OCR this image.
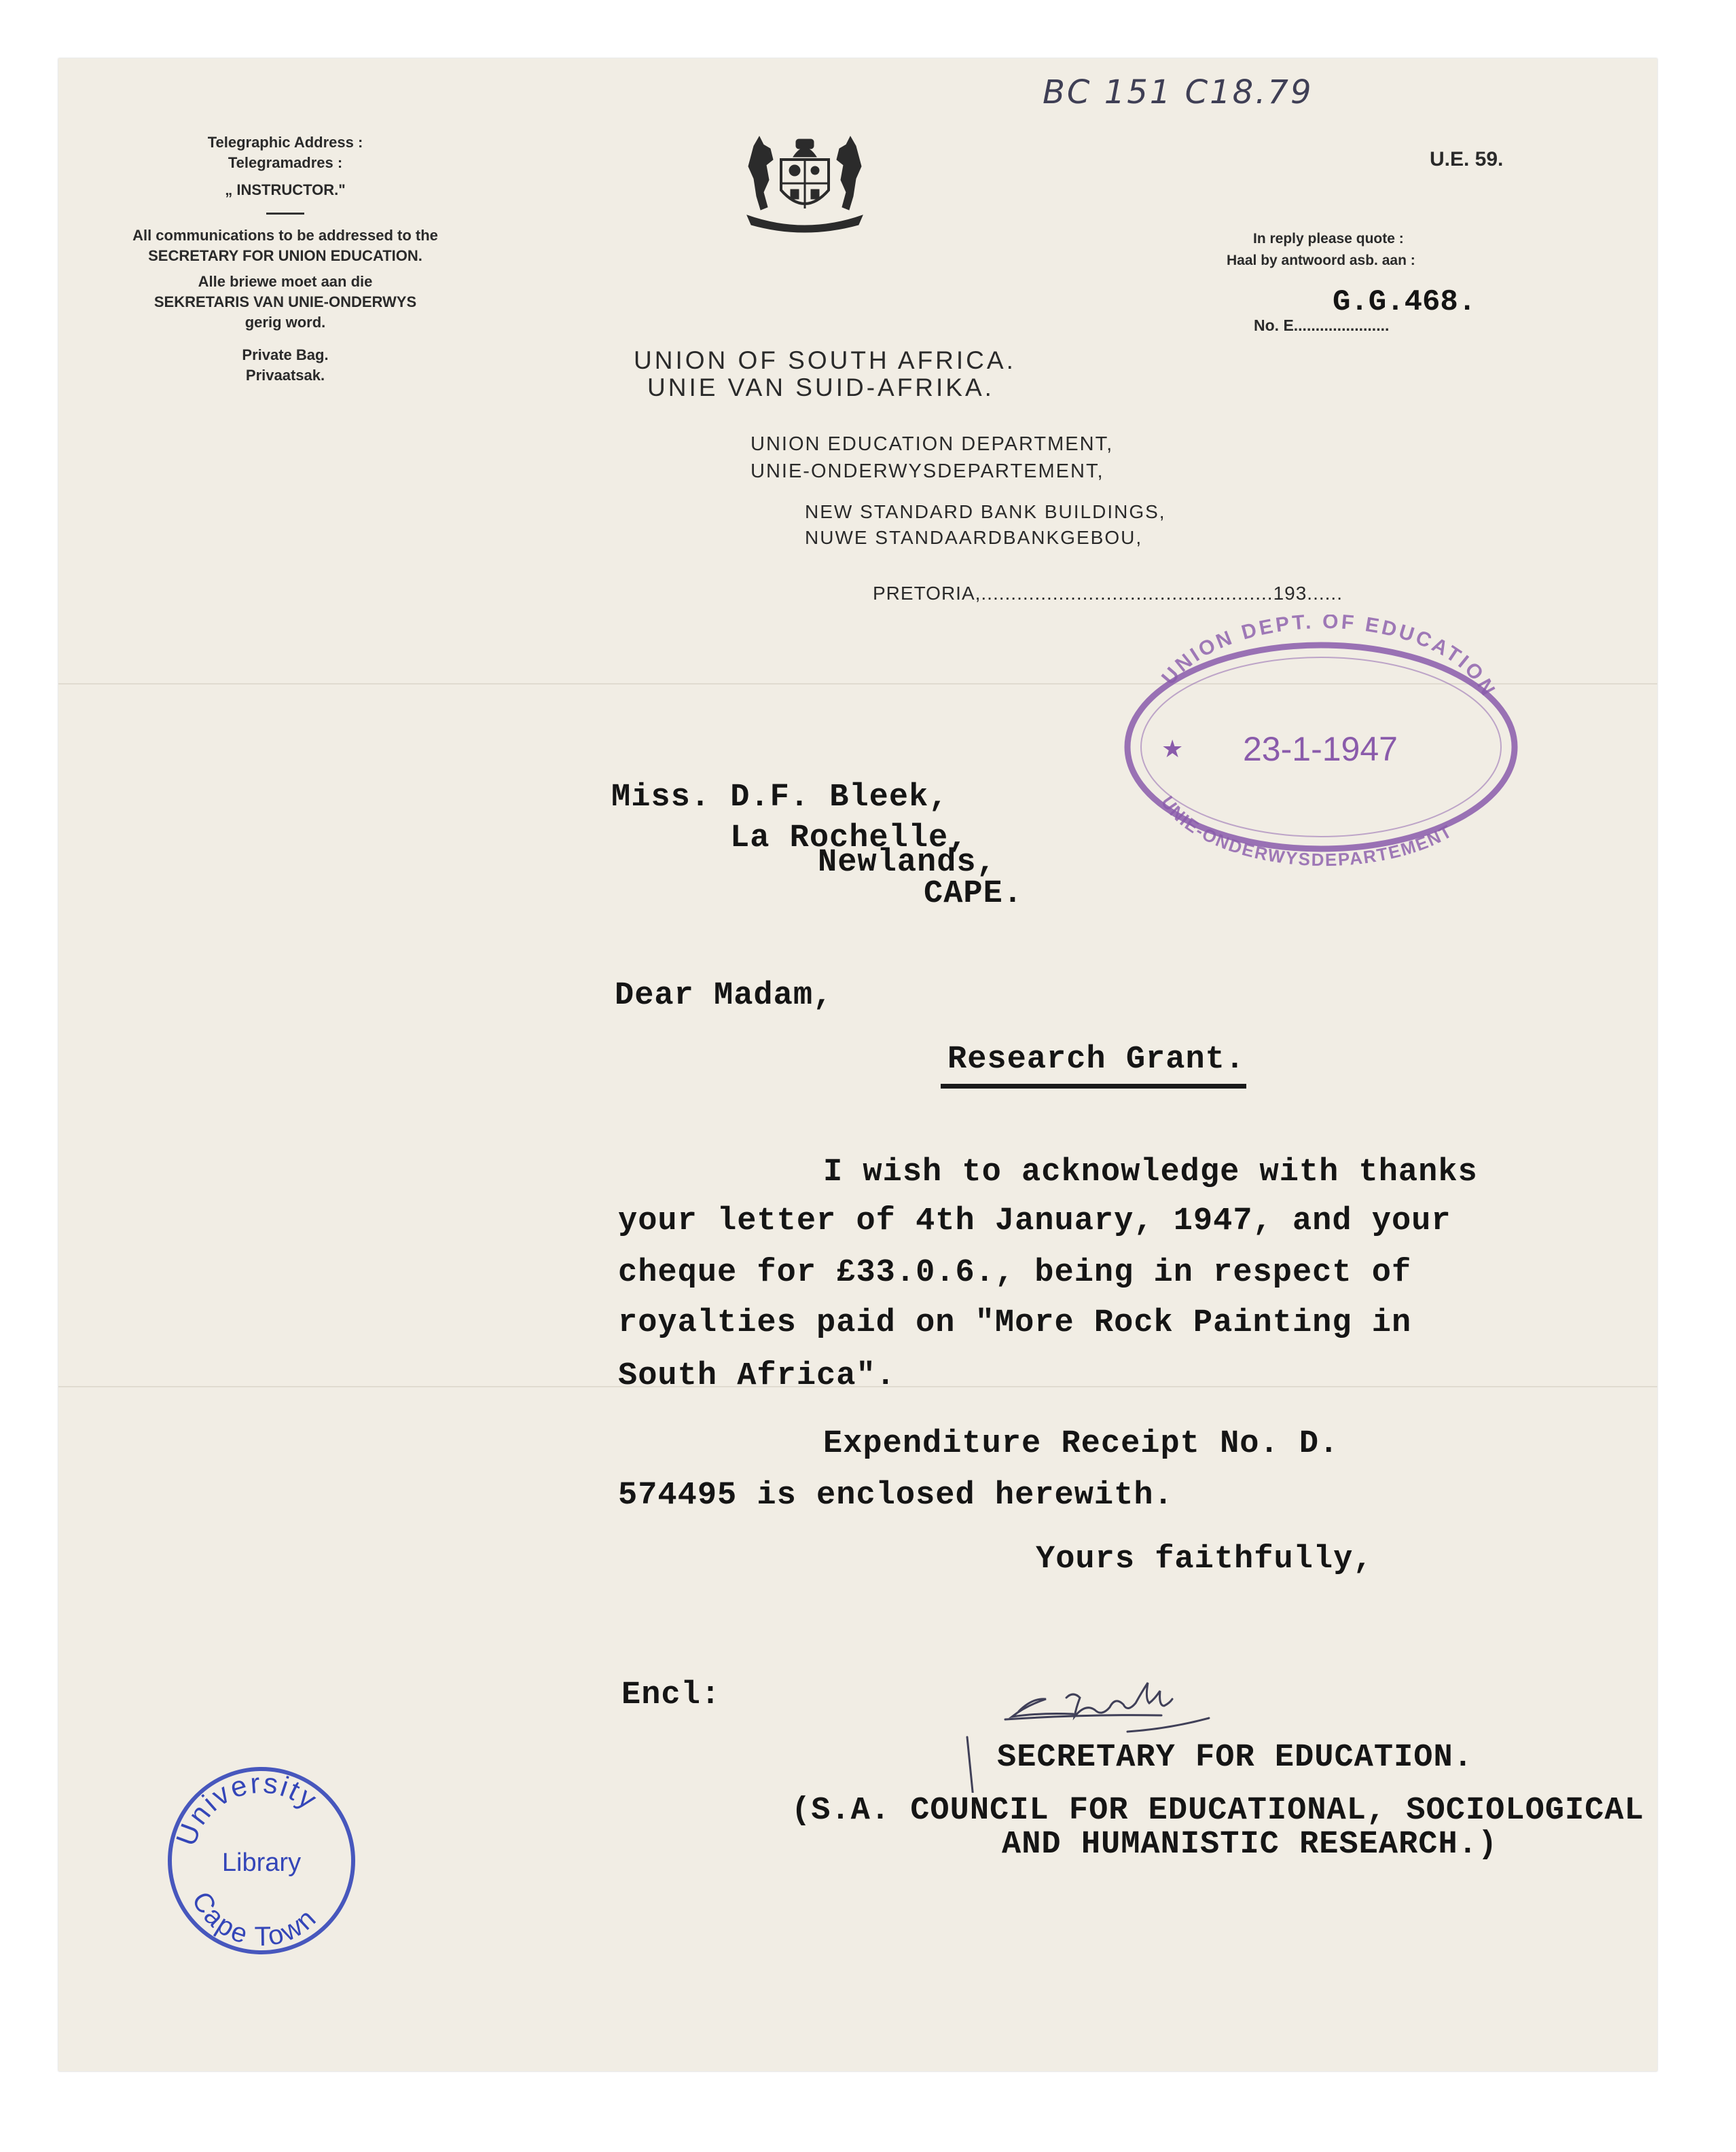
BC 151 C18.79
U.E. 59.
Telegraphic Address :
Telegramadres :
„ INSTRUCTOR."
All communications to be addressed to the
SECRETARY FOR UNION EDUCATION.
Alle briewe moet aan die
SEKRETARIS VAN UNIE-ONDERWYS
gerig word.
Private Bag.
Privaatsak.
UNION OF SOUTH AFRICA.
UNIE VAN SUID-AFRIKA.
UNION EDUCATION DEPARTMENT,
UNIE-ONDERWYSDEPARTEMENT,
NEW STANDARD BANK BUILDINGS,
NUWE STANDAARDBANKGEBOU,
PRETORIA,.................................................193......
In reply please quote :
Haal by antwoord asb. aan :
G.G.468.
No. E......................
UNION DEPT. OF EDUCATION
UNIE-ONDERWYSDEPARTEMENT
★ 23-1-1947
Miss. D.F. Bleek,
La Rochelle,
Newlands,
CAPE.
Dear Madam,
Research Grant.
I wish to acknowledge with thanks
your letter of 4th January, 1947, and your
cheque for £33.0.6., being in respect of
royalties paid on "More Rock Painting in
South Africa".
Expenditure Receipt No. D.
574495 is enclosed herewith.
Yours faithfully,
Encl:
SECRETARY FOR EDUCATION.
(S.A. COUNCIL FOR EDUCATIONAL, SOCIOLOGICAL
AND HUMANISTIC RESEARCH.)
University
Library
Cape Town
